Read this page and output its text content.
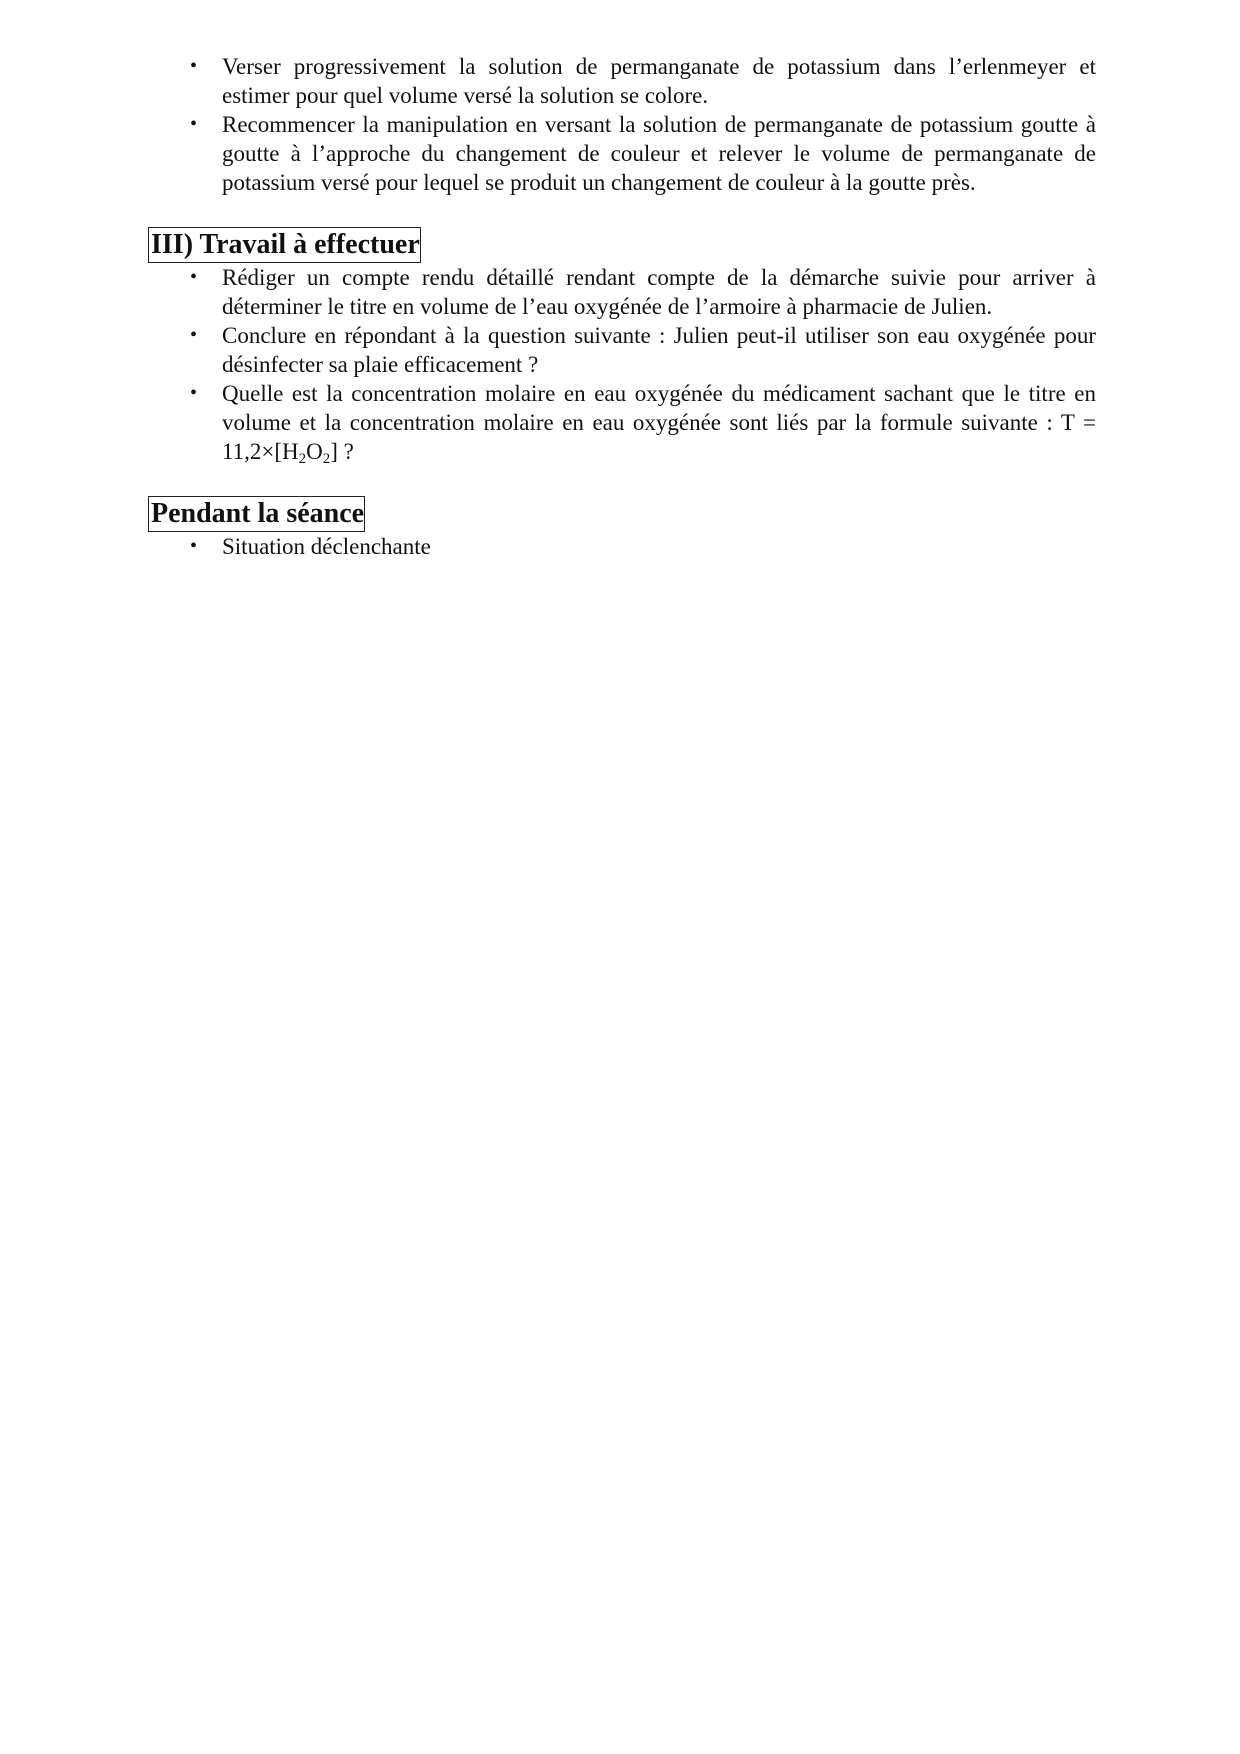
• Verser progressivement la solution de permanganate de potassium dans l’erlenmeyer et estimer pour quel volume versé la solution se colore.
• Recommencer la manipulation en versant la solution de permanganate de potassium goutte à goutte à l’approche du changement de couleur et relever le volume de permanganate de potassium versé pour lequel se produit un changement de couleur à la goutte près.
III) Travail à effectuer
• Rédiger un compte rendu détaillé rendant compte de la démarche suivie pour arriver à déterminer le titre en volume de l’eau oxygénée de l’armoire à pharmacie de Julien.
• Conclure en répondant à la question suivante : Julien peut-il utiliser son eau oxygénée pour désinfecter sa plaie efficacement ?
• Quelle est la concentration molaire en eau oxygénée du médicament sachant que le titre en volume et la concentration molaire en eau oxygénée sont liés par la formule suivante : $T = 11,2\times[H_2O_2]$ ?
Pendant la séance
• Situation déclenchante
